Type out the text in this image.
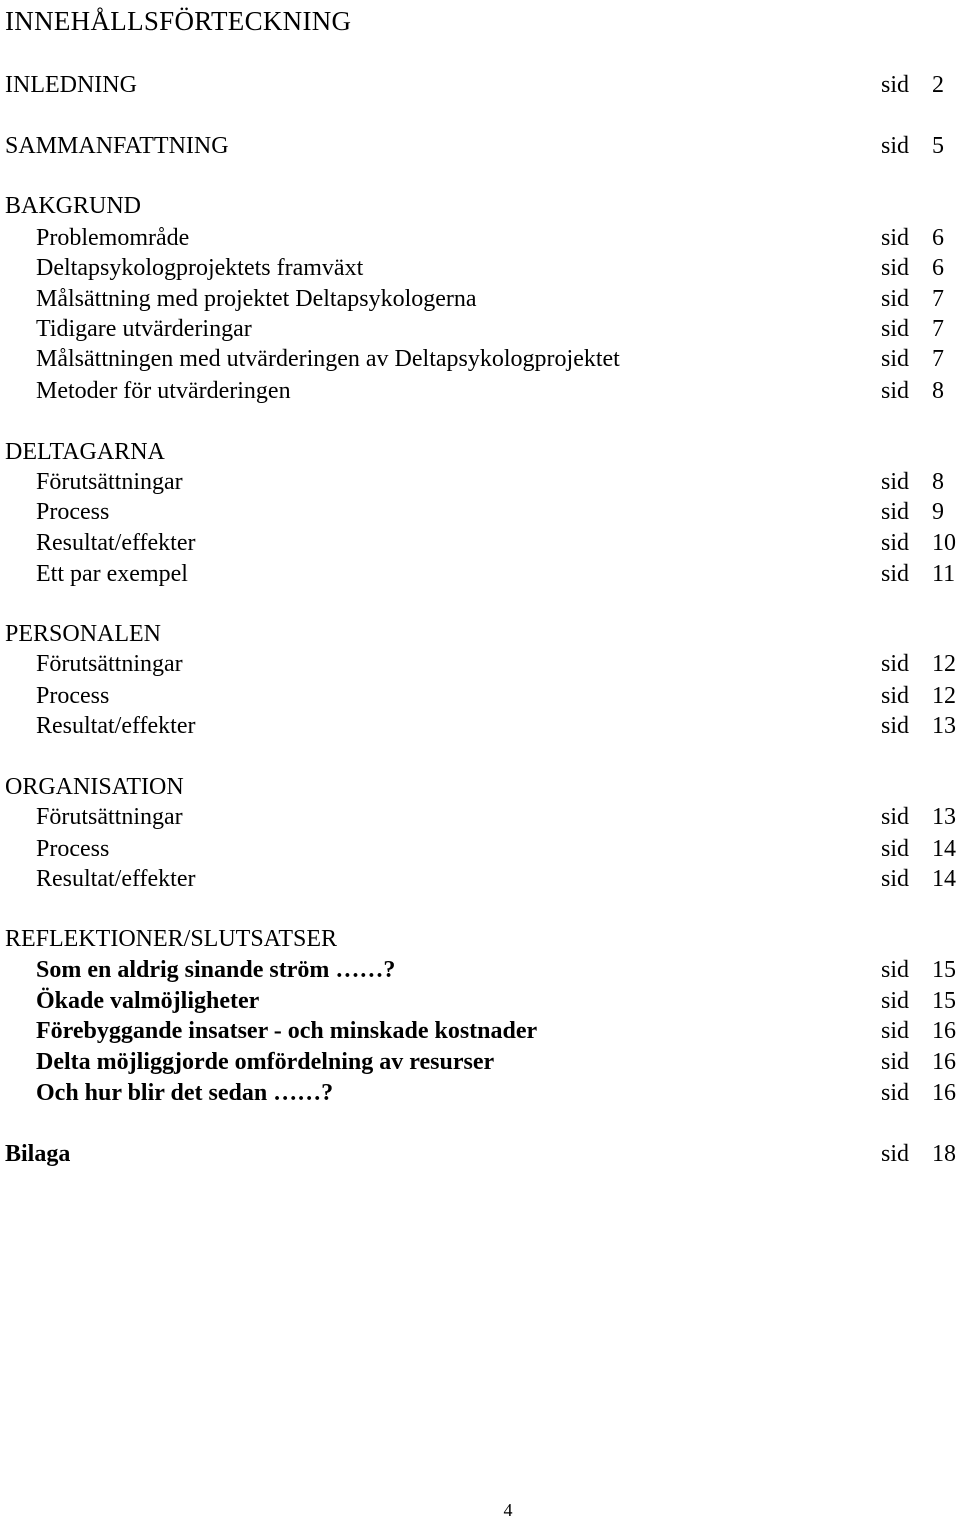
INNEHÅLLSFÖRTECKNING
INLEDNING	sid 2
SAMMANFATTNING	sid 5
BAKGRUND
Problemområde	sid 6
Deltapsykologprojektets framväxt	sid 6
Målsättning med projektet Deltapsykologerna	sid 7
Tidigare utvärderingar	sid 7
Målsättningen med utvärderingen av Deltapsykologprojektet	sid 7
Metoder för utvärderingen	sid 8
DELTAGARNA
Förutsättningar	sid 8
Process	sid 9
Resultat/effekter	sid 10
Ett par exempel	sid 11
PERSONALEN
Förutsättningar	sid 12
Process	sid 12
Resultat/effekter	sid 13
ORGANISATION
Förutsättningar	sid 13
Process	sid 14
Resultat/effekter	sid 14
REFLEKTIONER/SLUTSATSER
Som en aldrig sinande ström ……?	sid 15
Ökade valmöjligheter	sid 15
Förebyggande insatser - och minskade kostnader	sid 16
Delta möjliggjorde omfördelning av resurser	sid 16
Och hur blir det sedan ……?	sid 16
Bilaga	sid 18
4
